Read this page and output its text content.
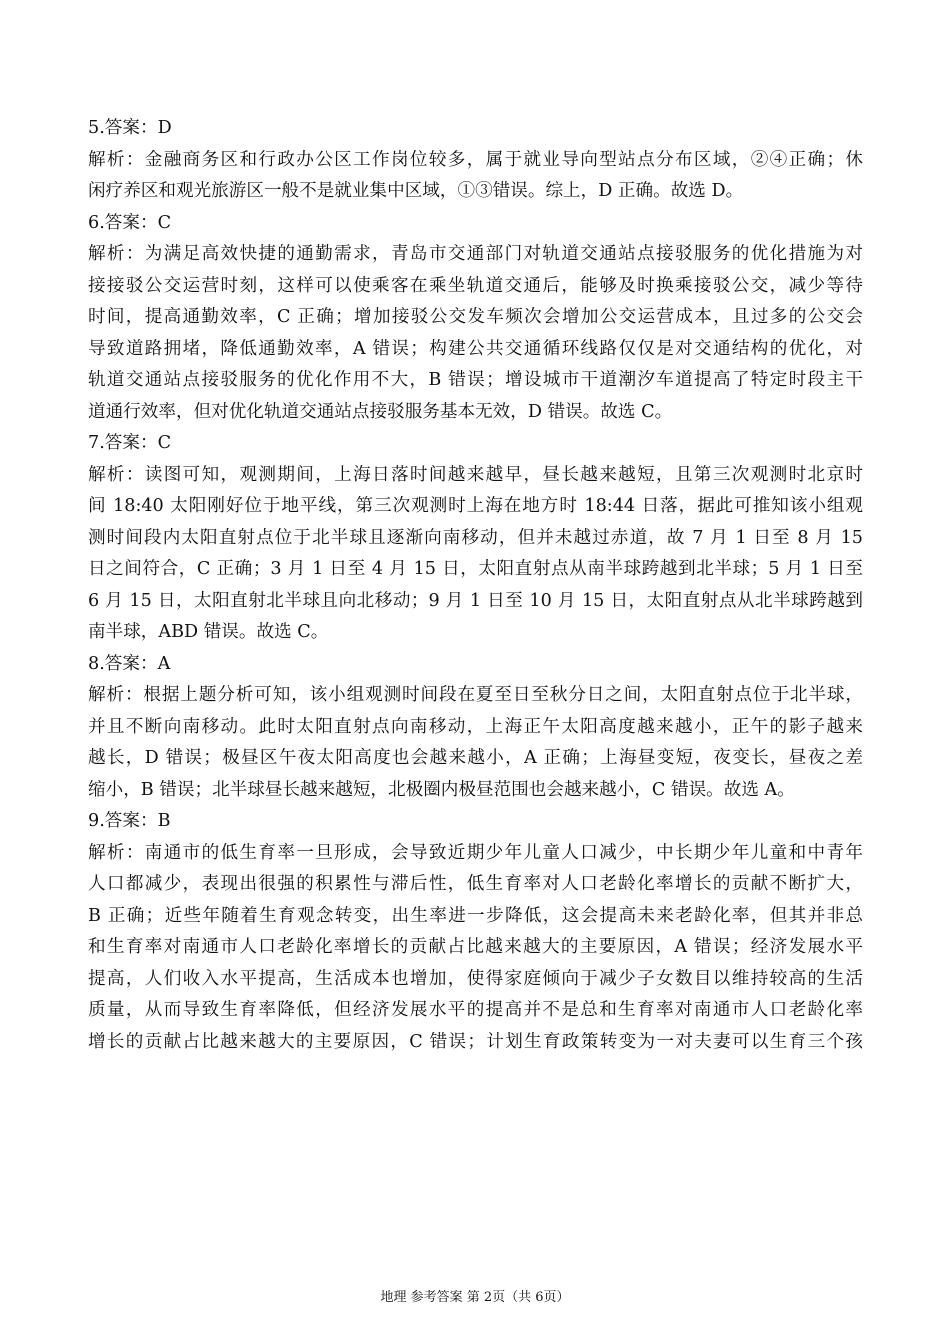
5.答案：D
解析：金融商务区和行政办公区工作岗位较多，属于就业导向型站点分布区域，②④正确；休
闲疗养区和观光旅游区一般不是就业集中区域，①③错误。综上，D 正确。故选 D。
6.答案：C
解析：为满足高效快捷的通勤需求，青岛市交通部门对轨道交通站点接驳服务的优化措施为对
接接驳公交运营时刻，这样可以使乘客在乘坐轨道交通后，能够及时换乘接驳公交，减少等待
时间，提高通勤效率，C 正确；增加接驳公交发车频次会增加公交运营成本，且过多的公交会
导致道路拥堵，降低通勤效率，A 错误；构建公共交通循环线路仅仅是对交通结构的优化，对
轨道交通站点接驳服务的优化作用不大，B 错误；增设城市干道潮汐车道提高了特定时段主干
道通行效率，但对优化轨道交通站点接驳服务基本无效，D 错误。故选 C。
7.答案：C
解析：读图可知，观测期间，上海日落时间越来越早，昼长越来越短，且第三次观测时北京时
间 18:40 太阳刚好位于地平线，第三次观测时上海在地方时 18:44 日落，据此可推知该小组观
测时间段内太阳直射点位于北半球且逐渐向南移动，但并未越过赤道，故 7 月 1 日至 8 月 15
日之间符合，C 正确；3 月 1 日至 4 月 15 日，太阳直射点从南半球跨越到北半球；5 月 1 日至
6 月 15 日，太阳直射北半球且向北移动；9 月 1 日至 10 月 15 日，太阳直射点从北半球跨越到
南半球，ABD 错误。故选 C。
8.答案：A
解析：根据上题分析可知，该小组观测时间段在夏至日至秋分日之间，太阳直射点位于北半球，
并且不断向南移动。此时太阳直射点向南移动，上海正午太阳高度越来越小，正午的影子越来
越长，D 错误；极昼区午夜太阳高度也会越来越小，A 正确；上海昼变短，夜变长，昼夜之差
缩小，B 错误；北半球昼长越来越短，北极圈内极昼范围也会越来越小，C 错误。故选 A。
9.答案：B
解析：南通市的低生育率一旦形成，会导致近期少年儿童人口减少，中长期少年儿童和中青年
人口都减少，表现出很强的积累性与滞后性，低生育率对人口老龄化率增长的贡献不断扩大，
B 正确；近些年随着生育观念转变，出生率进一步降低，这会提高未来老龄化率，但其并非总
和生育率对南通市人口老龄化率增长的贡献占比越来越大的主要原因，A 错误；经济发展水平
提高，人们收入水平提高，生活成本也增加，使得家庭倾向于减少子女数目以维持较高的生活
质量，从而导致生育率降低，但经济发展水平的提高并不是总和生育率对南通市人口老龄化率
增长的贡献占比越来越大的主要原因，C 错误；计划生育政策转变为一对夫妻可以生育三个孩
地理 参考答案 第 2页（共 6页）
